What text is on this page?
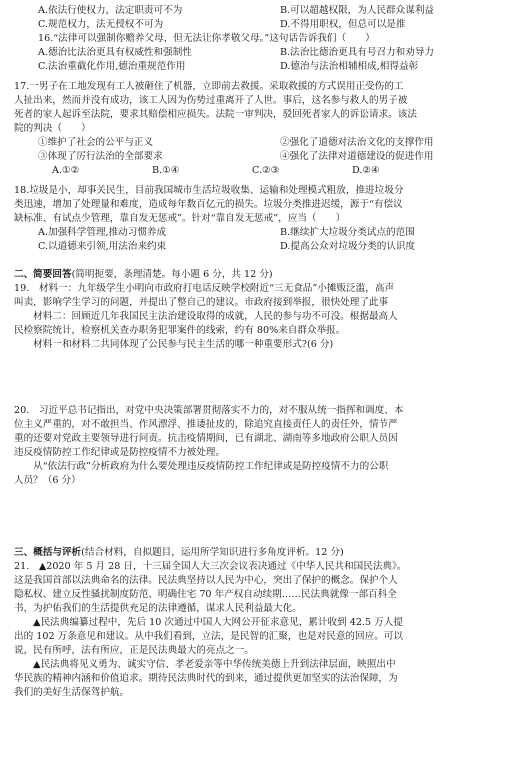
A.依法行使权力，法定职责可不为	B.可以超越权限，为人民群众谋利益
C.规范权力，法无授权不可为	D.不得用职权，但总可以是推
16.“法律可以强制你赡养父母，但无法让你孝敬父母。”这句话告诉我们（　　）
A.德治比法治更具有权威性和强制性	B.法治比德治更具有号召力和劝导力
C.法治重截化作用,德治重规范作用	D.德治与法治相辅相成,相得益彰
17.一男子在工地发现有工人被砸住了机器，立即前去救援。采取救援的方式误用正受伤的工
人扯出来，然而并没有成功，该工人因为伤势过重离开了人世。事后，这名参与救人的男子被
死者的家人起诉至法院，要求其赔偿相应损失。法院一审判决，驳回死者家人的诉讼请求。该法
院的判决（　　）
①维护了社会的公平与正义	②强化了道德对法治文化的支撑作用
③体现了厉行法治的全部要求	④强化了法律对道德建设的促进作用
A.①②	B.①④	C.②③	D.②④
18.垃圾是小，却事关民生，目前我国城市生活垃圾收集、运输和处理模式粗放，推进垃圾分
类迅速，增加了处理量和难度，造成每年数百亿元的损失。垃圾分类推进迟缓，源于“有偿议
缺标准、有试点少管理，靠自发无惩戒”。针对“靠自发无惩戒”，应当（　　）
A.加强科学管理,推动习惯养成	B.继续扩大垃圾分类试点的范围
C.以道德来引领,用法治来约束	D.提高公众对垃圾分类的认识度
二、简要回答(简明扼要，条理清楚。每小题 6 分，共 12 分)
19.　材料一：九年级学生小明向市政府打电话反映学校附近“三无食品”小摊贩泛滥，高声
叫卖，影响学生学习的问题，并提出了整自己的建议。市政府接到举报，很快处理了此事
　　材料二：回顾近几年我国民主法治建设取得的成就，人民的参与功不可没。根据最高人
民检察院统计，检察机关查办职务犯罪案件的线索，约有 80%来自群众举报。
　　材料一和材料二共同体现了公民参与民主生活的哪一种重要形式?(6 分)
20.　习近平总书记指出，对党中央决策部署贯彻落实不力的，对不服从统一指挥和调度、本
位主义严重的，对不敢担当、作风漂浮、推诿扯皮的，除追究直接责任人的责任外，情节严
重的还要对党政主要领导进行问责。抗击疫情期间，已有湖北、湖南等多地政府公职人员因
违反疫情防控工作纪律或是防控疫情不力被处理。
　　从“依法行政”分析政府为什么要处理违反疫情防控工作纪律或是防控疫情不力的公职
人员？（6 分）
三、概括与评析(结合材料，自拟题目，运用所学知识进行多角度评析。12 分)
21.　▲2020 年 5 月 28 日，十三届全国人大三次会议表决通过《中华人民共和国民法典》。
这是我国首部以法典命名的法律。民法典坚持以人民为中心，突出了保护的概念。保护个人
隐私权、建立反性骚扰制度防范、明确住宅 70 年产权自动续期……民法典就像一部百科全
书，为护佑我们的生活提供充足的法律遵循，谋求人民利益最大化。
　　▲民法典编纂过程中，先后 10 次通过中国人大网公开征求意见，累计收到 42.5 万人提
出的 102 万条意见和建议。从中我们看到，立法，是民智的汇聚，也是对民意的回应。可以
说，民有所呼，法有所应，正是民法典最大的亮点之一。
　　▲民法典将见义勇为、诚实守信、孝老爱亲等中华传统美德上升到法律层面，映照出中
华民族的精神内涵和价值追求。期待民法典时代的到来，通过提供更加坚实的法治保障，为
我们的美好生活保驾护航。
